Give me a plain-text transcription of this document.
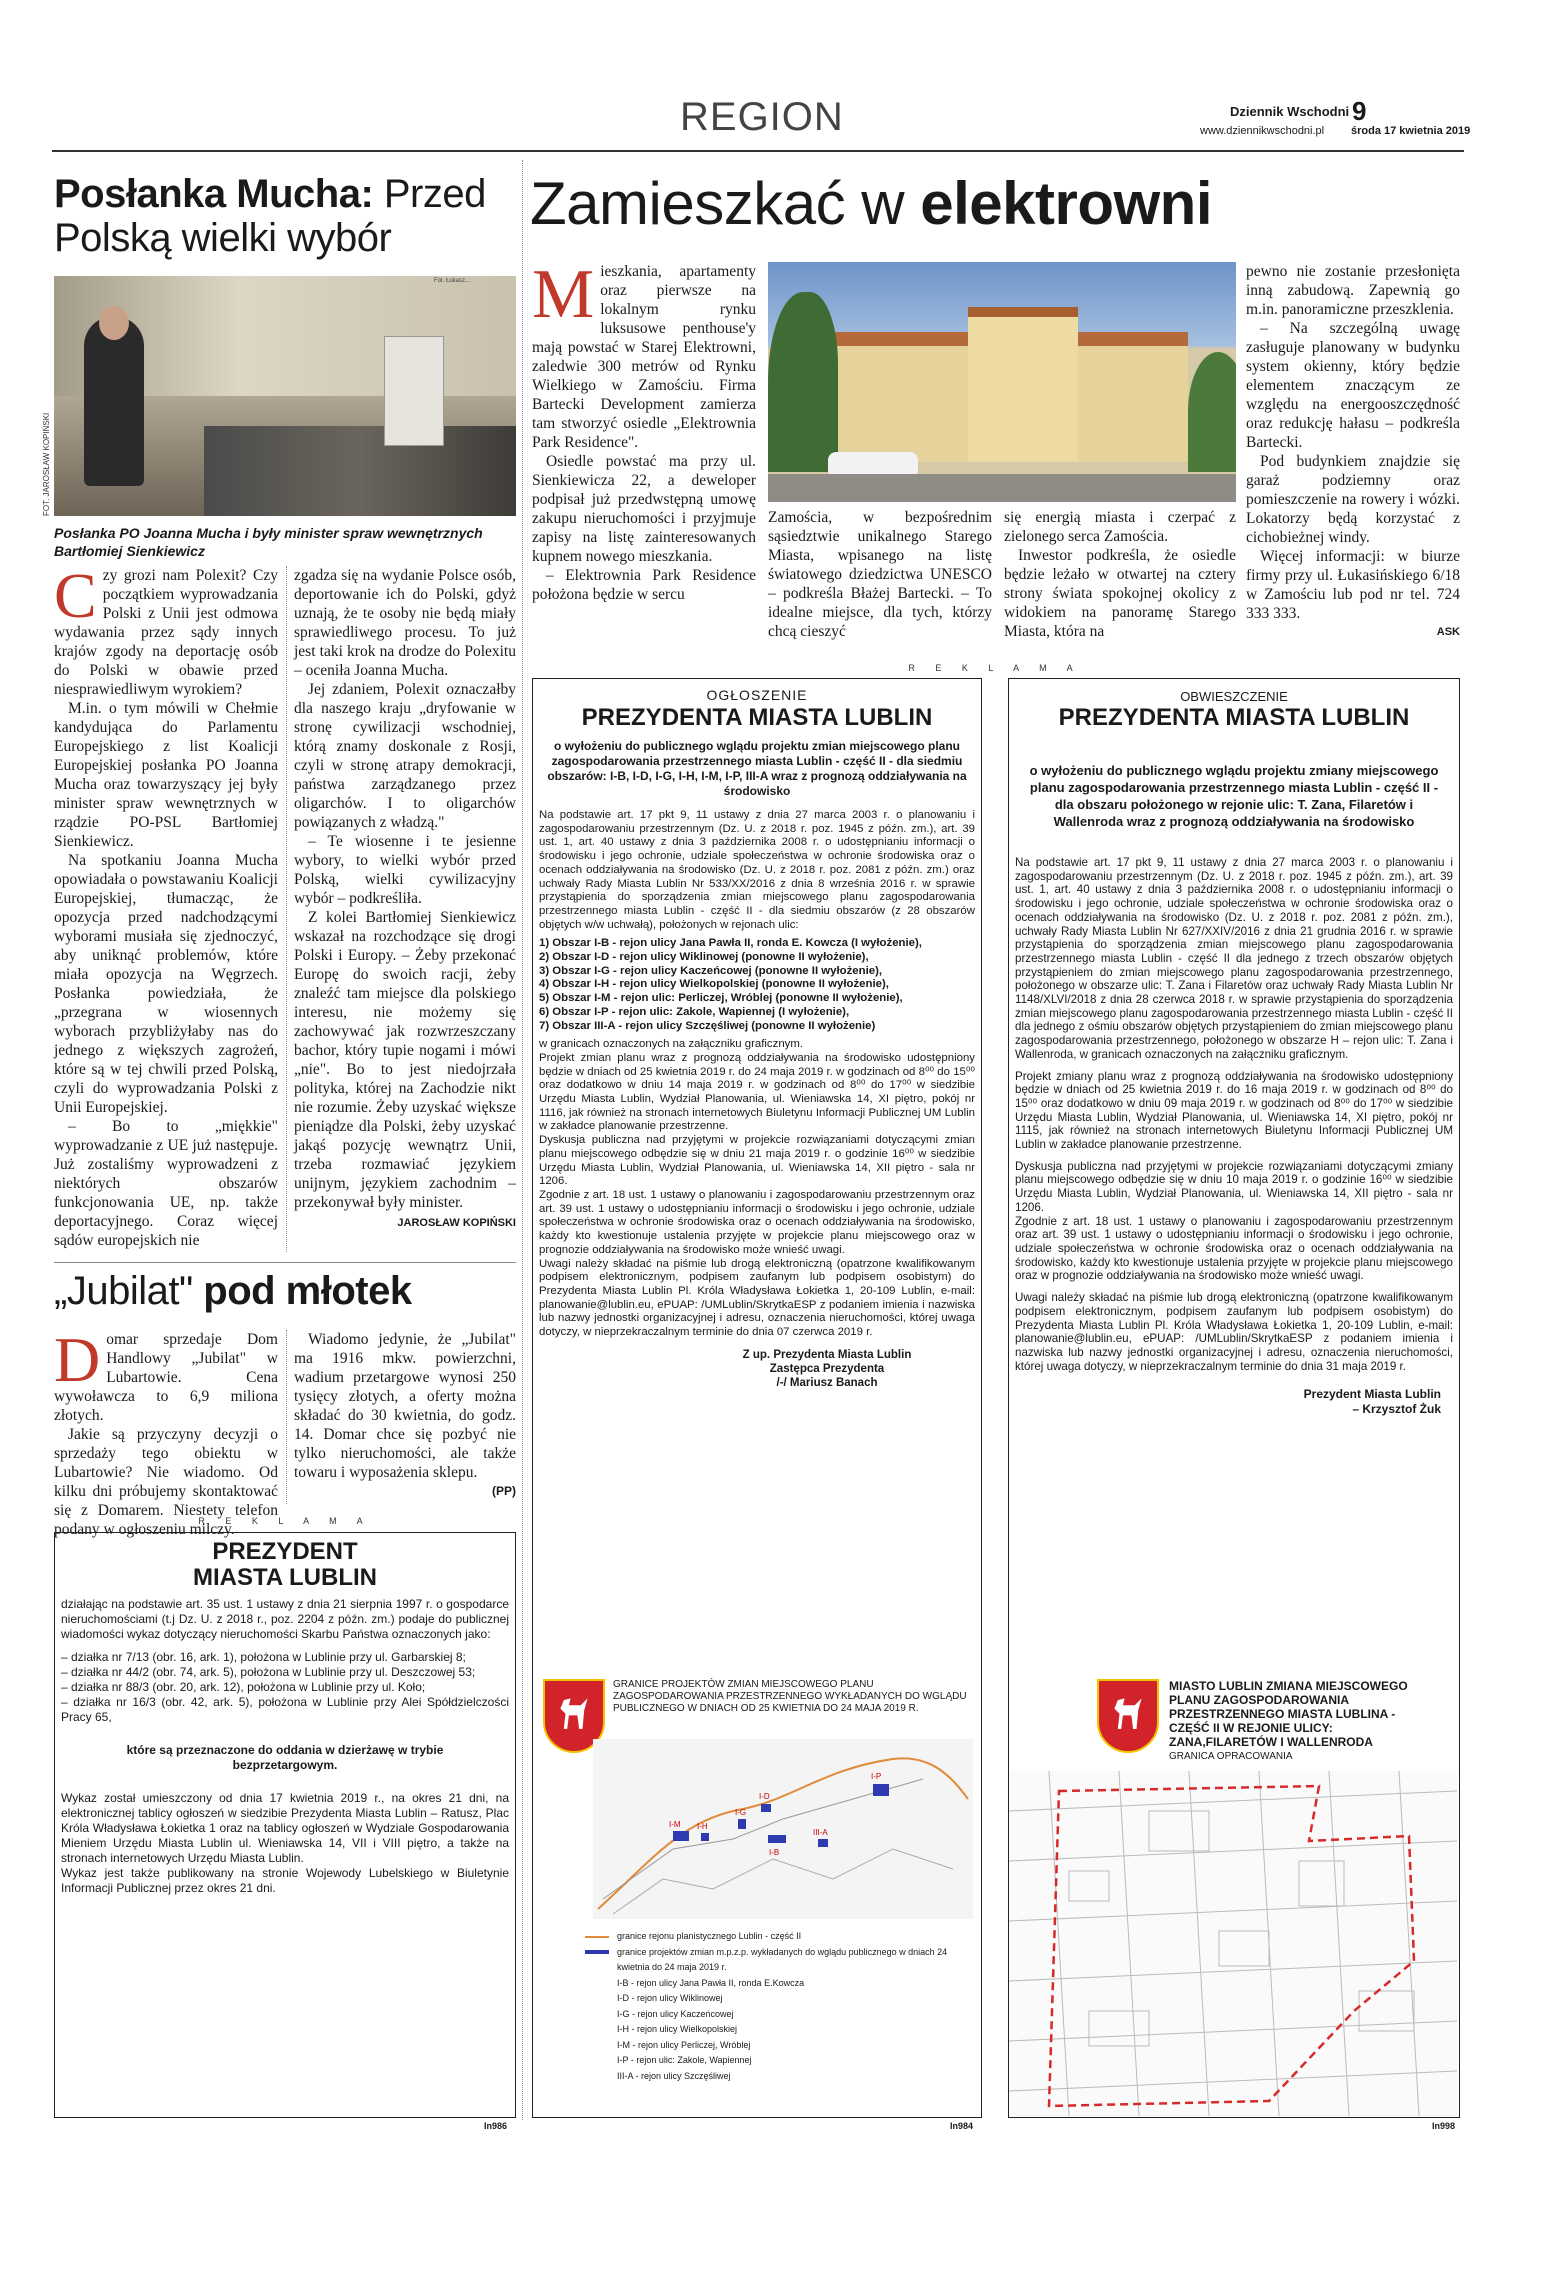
REGION	Dziennik Wschodni 9
www.dziennikwschodni.pl środa 17 kwietnia 2019
Posłanka Mucha: Przed Polską wielki wybór
Fot. Łukasz...
FOT. JAROSŁAW KOPIŃSKI
Posłanka PO Joanna Mucha i były minister spraw wewnętrznych Bartłomiej Sienkiewicz
C zy grozi nam Polexit? Czy początkiem wyprowadzania Polski z Unii jest odmowa wydawania przez sądy innych krajów zgody na deportację osób do Polski w obawie przed niesprawiedliwym wyrokiem?

M.in. o tym mówili w Chełmie kandydująca do Parlamentu Europejskiego z list Koalicji Europejskiej posłanka PO Joanna Mucha oraz towarzyszący jej były minister spraw wewnętrznych w rządzie PO-PSL Bartłomiej Sienkiewicz.

Na spotkaniu Joanna Mucha opowiadała o powstawaniu Koalicji Europejskiej, tłumacząc, że opozycja przed nadchodzącymi wyborami musiała się zjednoczyć, aby uniknąć problemów, które miała opozycja na Węgrzech. Posłanka powiedziała, że „przegrana w wiosennych wyborach przybliżyłaby nas do jednego z większych zagrożeń, które są w tej chwili przed Polską, czyli do wyprowadzania Polski z Unii Europejskiej.

– Bo to „miękkie" wyprowadzanie z UE już następuje. Już zostaliśmy wyprowadzeni z niektórych obszarów funkcjonowania UE, np. także deportacyjnego. Coraz więcej sądów europejskich nie

zgadza się na wydanie Polsce osób, deportowanie ich do Polski, gdyż uznają, że te osoby nie będą miały sprawiedliwego procesu. To już jest taki krok na drodze do Polexitu – oceniła Joanna Mucha.

Jej zdaniem, Polexit oznaczałby dla naszego kraju „dryfowanie w stronę cywilizacji wschodniej, którą znamy doskonale z Rosji, czyli w stronę atrapy demokracji, państwa zarządzanego przez oligarchów. I to oligarchów powiązanych z władzą."

– Te wiosenne i te jesienne wybory, to wielki wybór przed Polską, wielki cywilizacyjny wybór – podkreśliła.

Z kolei Bartłomiej Sienkiewicz wskazał na rozchodzące się drogi Polski i Europy. – Żeby przekonać Europę do swoich racji, żeby znaleźć tam miejsce dla polskiego interesu, nie możemy się zachowywać jak rozwrzeszczany bachor, który tupie nogami i mówi „nie". Bo to jest niedojrzała polityka, której na Zachodzie nikt nie rozumie. Żeby uzyskać większe pieniądze dla Polski, żeby uzyskać jakąś pozycję wewnątrz Unii, trzeba rozmawiać językiem unijnym, językiem zachodnim – przekonywał były minister.

JAROSŁAW KOPIŃSKI

„Jubilat" pod młotek
D omar sprzedaje Dom Handlowy „Jubilat" w Lubartowie. Cena wywoławcza to 6,9 miliona złotych.

Jakie są przyczyny decyzji o sprzedaży tego obiektu w Lubartowie? Nie wiadomo. Od kilku dni próbujemy skontaktować się z Domarem. Niestety telefon podany w ogłoszeniu milczy.

Wiadomo jedynie, że „Jubilat" ma 1916 mkw. powierzchni, wadium przetargowe wynosi 250 tysięcy złotych, a oferty można składać do 30 kwietnia, do godz. 14. Domar chce się pozbyć nie tylko nieruchomości, ale także towaru i wyposażenia sklepu.

(PP)

R E K L A M A
PREZYDENT
MIASTA LUBLIN

działając na podstawie art. 35 ust. 1 ustawy z dnia 21 sierpnia 1997 r. o gospodarce nieruchomościami (t.j Dz. U. z 2018 r., poz. 2204 z późn. zm.) podaje do publicznej wiadomości wykaz dotyczący nieruchomości Skarbu Państwa oznaczonych jako:

– działka nr 7/13 (obr. 16, ark. 1), położona w Lublinie przy ul. Garbarskiej 8;
– działka nr 44/2 (obr. 74, ark. 5), położona w Lublinie przy ul. Deszczowej 53;
– działka nr 88/3 (obr. 20, ark. 12), położona w Lublinie przy ul. Koło;
– działka nr 16/3 (obr. 42, ark. 5), położona w Lublinie przy Alei Spółdzielczości Pracy 65,

które są przeznaczone do oddania w dzierżawę w trybie bezprzetargowym.

Wykaz został umieszczony od dnia 17 kwietnia 2019 r., na okres 21 dni, na elektronicznej tablicy ogłoszeń w siedzibie Prezydenta Miasta Lublin – Ratusz, Plac Króla Władysława Łokietka 1 oraz na tablicy ogłoszeń w Wydziale Gospodarowania Mieniem Urzędu Miasta Lublin ul. Wieniawska 14, VII i VIII piętro, a także na stronach internetowych Urzędu Miasta Lublin.

Wykaz jest także publikowany na stronie Wojewody Lubelskiego w Biuletynie Informacji Publicznej przez okres 21 dni.

In986
Zamieszkać w elektrowni
M ieszkania, apartamenty oraz pierwsze na lokalnym rynku luksusowe penthouse'y mają powstać w Starej Elektrowni, zaledwie 300 metrów od Rynku Wielkiego w Zamościu. Firma Bartecki Development zamierza tam stworzyć osiedle „Elektrownia Park Residence".

Osiedle powstać ma przy ul. Sienkiewicza 22, a deweloper podpisał już przedwstępną umowę zakupu nieruchomości i przyjmuje zapisy na listę zainteresowanych kupnem nowego mieszkania.

– Elektrownia Park Residence położona będzie w sercu

Zamościa, w bezpośrednim sąsiedztwie unikalnego Starego Miasta, wpisanego na listę światowego dziedzictwa UNESCO – podkreśla Błażej Bartecki. – To idealne miejsce, dla tych, którzy chcą cieszyć

się energią miasta i czerpać z zielonego serca Zamościa.

Inwestor podkreśla, że osiedle będzie leżało w otwartej na cztery strony świata spokojnej okolicy z widokiem na panoramę Starego Miasta, która na

pewno nie zostanie przesłonięta inną zabudową. Zapewnią go m.in. panoramiczne przeszklenia.

– Na szczególną uwagę zasługuje planowany w budynku system okienny, który będzie elementem znaczącym ze względu na energooszczędność oraz redukcję hałasu – podkreśla Bartecki.

Pod budynkiem znajdzie się garaż podziemny oraz pomieszczenie na rowery i wózki. Lokatorzy będą korzystać z cichobieżnej windy.

Więcej informacji: w biurze firmy przy ul. Łukasińskiego 6/18 w Zamościu lub pod nr tel. 724 333 333.

ASK

R E K L A M A
OGŁOSZENIE
PREZYDENTA MIASTA LUBLIN
o wyłożeniu do publicznego wglądu projektu zmian miejscowego planu zagospodarowania przestrzennego miasta Lublin - część II - dla siedmiu obszarów: I-B, I-D, I-G, I-H, I-M, I-P, III-A wraz z prognozą oddziaływania na środowisko

Na podstawie art. 17 pkt 9, 11 ustawy z dnia 27 marca 2003 r. o planowaniu i zagospodarowaniu przestrzennym (Dz. U. z 2018 r. poz. 1945 z późn. zm.), art. 39 ust. 1, art. 40 ustawy z dnia 3 października 2008 r. o udostępnianiu informacji o środowisku i jego ochronie, udziale społeczeństwa w ochronie środowiska oraz o ocenach oddziaływania na środowisko (Dz. U. z 2018 r. poz. 2081 z późn. zm.) oraz uchwały Rady Miasta Lublin Nr 533/XX/2016 z dnia 8 września 2016 r. w sprawie przystąpienia do sporządzenia zmian miejscowego planu zagospodarowania przestrzennego miasta Lublin - część II - dla siedmiu obszarów (z 28 obszarów objętych w/w uchwałą), położonych w rejonach ulic:

1) Obszar I-B - rejon ulicy Jana Pawła II, ronda E. Kowcza (I wyłożenie),
2) Obszar I-D - rejon ulicy Wiklinowej (ponowne II wyłożenie),
3) Obszar I-G - rejon ulicy Kaczeńcowej (ponowne II wyłożenie),
4) Obszar I-H - rejon ulicy Wielkopolskiej (ponowne II wyłożenie),
5) Obszar I-M - rejon ulic: Perliczej, Wróblej (ponowne II wyłożenie),
6) Obszar I-P - rejon ulic: Zakole, Wapiennej (I wyłożenie),
7) Obszar III-A - rejon ulicy Szczęśliwej (ponowne II wyłożenie)

w granicach oznaczonych na załączniku graficznym.

Projekt zmian planu wraz z prognozą oddziaływania na środowisko udostępniony będzie w dniach od 25 kwietnia 2019 r. do 24 maja 2019 r. w godzinach od 8⁰⁰ do 15⁰⁰ oraz dodatkowo w dniu 14 maja 2019 r. w godzinach od 8⁰⁰ do 17⁰⁰ w siedzibie Urzędu Miasta Lublin, Wydział Planowania, ul. Wieniawska 14, XI piętro, pokój nr 1116, jak również na stronach internetowych Biuletynu Informacji Publicznej UM Lublin w zakładce planowanie przestrzenne.

Dyskusja publiczna nad przyjętymi w projekcie rozwiązaniami dotyczącymi zmian planu miejscowego odbędzie się w dniu 21 maja 2019 r. o godzinie 16⁰⁰ w siedzibie Urzędu Miasta Lublin, Wydział Planowania, ul. Wieniawska 14, XII piętro - sala nr 1206.

Zgodnie z art. 18 ust. 1 ustawy o planowaniu i zagospodarowaniu przestrzennym oraz art. 39 ust. 1 ustawy o udostępnianiu informacji o środowisku i jego ochronie, udziale społeczeństwa w ochronie środowiska oraz o ocenach oddziaływania na środowisko, każdy kto kwestionuje ustalenia przyjęte w projekcie planu miejscowego oraz w prognozie oddziaływania na środowisko może wnieść uwagi.

Uwagi należy składać na piśmie lub drogą elektroniczną (opatrzone kwalifikowanym podpisem elektronicznym, podpisem zaufanym lub podpisem osobistym) do Prezydenta Miasta Lublin Pl. Króla Władysława Łokietka 1, 20-109 Lublin, e-mail: planowanie@lublin.eu, ePUAP: /UMLublin/SkrytkaESP z podaniem imienia i nazwiska lub nazwy jednostki organizacyjnej i adresu, oznaczenia nieruchomości, której uwaga dotyczy, w nieprzekraczalnym terminie do dnia 07 czerwca 2019 r.

Z up. Prezydenta Miasta Lublin
Zastępca Prezydenta
/-/ Mariusz Banach
GRANICE PROJEKTÓW ZMIAN MIEJSCOWEGO PLANU ZAGOSPODAROWANIA PRZESTRZENNEGO WYKŁADANYCH DO WGLĄDU PUBLICZNEGO W DNIACH OD 25 KWIETNIA DO 24 MAJA 2019 R.
I-M I-H
I-G
I-D
I-B
III-A
I-P
granice rejonu planistycznego Lublin - część II
granice projektów zmian m.p.z.p. wykładanych do wglądu publicznego w dniach 24 kwietnia do 24 maja 2019 r.
I-B - rejon ulicy Jana Pawła II, ronda E.Kowcza
I-D - rejon ulicy Wiklinowej
I-G - rejon ulicy Kaczeńcowej
I-H - rejon ulicy Wielkopolskiej
I-M - rejon ulicy Perliczej, Wróblej
I-P - rejon ulic: Zakole, Wapiennej
III-A - rejon ulicy Szczęśliwej
In984
OBWIESZCZENIE
PREZYDENTA MIASTA LUBLIN
o wyłożeniu do publicznego wglądu projektu zmiany miejscowego planu zagospodarowania przestrzennego miasta Lublin - część II - dla obszaru położonego w rejonie ulic: T. Zana, Filaretów i Wallenroda wraz z prognozą oddziaływania na środowisko

Na podstawie art. 17 pkt 9, 11 ustawy z dnia 27 marca 2003 r. o planowaniu i zagospodarowaniu przestrzennym (Dz. U. z 2018 r. poz. 1945 z późn. zm.), art. 39 ust. 1, art. 40 ustawy z dnia 3 października 2008 r. o udostępnianiu informacji o środowisku i jego ochronie, udziale społeczeństwa w ochronie środowiska oraz o ocenach oddziaływania na środowisko (Dz. U. z 2018 r. poz. 2081 z późn. zm.), uchwały Rady Miasta Lublin Nr 627/XXIV/2016 z dnia 21 grudnia 2016 r. w sprawie przystąpienia do sporządzenia zmian miejscowego planu zagospodarowania przestrzennego miasta Lublin - część II dla jednego z trzech obszarów objętych przystąpieniem do zmian miejscowego planu zagospodarowania przestrzennego, położonego w obszarze ulic: T. Zana i Filaretów oraz uchwały Rady Miasta Lublin Nr 1148/XLVI/2018 z dnia 28 czerwca 2018 r. w sprawie przystąpienia do sporządzenia zmian miejscowego planu zagospodarowania przestrzennego miasta Lublin - część II dla jednego z ośmiu obszarów objętych przystąpieniem do zmian miejscowego planu zagospodarowania przestrzennego, położonego w obszarze H – rejon ulic: T. Zana i Wallenroda, w granicach oznaczonych na załączniku graficznym.

Projekt zmiany planu wraz z prognozą oddziaływania na środowisko udostępniony będzie w dniach od 25 kwietnia 2019 r. do 16 maja 2019 r. w godzinach od 8⁰⁰ do 15⁰⁰ oraz dodatkowo w dniu 09 maja 2019 r. w godzinach od 8⁰⁰ do 17⁰⁰ w siedzibie Urzędu Miasta Lublin, Wydział Planowania, ul. Wieniawska 14, XI piętro, pokój nr 1115, jak również na stronach internetowych Biuletynu Informacji Publicznej UM Lublin w zakładce planowanie przestrzenne.

Dyskusja publiczna nad przyjętymi w projekcie rozwiązaniami dotyczącymi zmiany planu miejscowego odbędzie się w dniu 10 maja 2019 r. o godzinie 16⁰⁰ w siedzibie Urzędu Miasta Lublin, Wydział Planowania, ul. Wieniawska 14, XII piętro - sala nr 1206.

Zgodnie z art. 18 ust. 1 ustawy o planowaniu i zagospodarowaniu przestrzennym oraz art. 39 ust. 1 ustawy o udostępnianiu informacji o środowisku i jego ochronie, udziale społeczeństwa w ochronie środowiska oraz o ocenach oddziaływania na środowisko, każdy kto kwestionuje ustalenia przyjęte w projekcie planu miejscowego oraz w prognozie oddziaływania na środowisko może wnieść uwagi.

Uwagi należy składać na piśmie lub drogą elektroniczną (opatrzone kwalifikowanym podpisem elektronicznym, podpisem zaufanym lub podpisem osobistym) do Prezydenta Miasta Lublin Pl. Króla Władysława Łokietka 1, 20-109 Lublin, e-mail: planowanie@lublin.eu, ePUAP: /UMLublin/SkrytkaESP z podaniem imienia i nazwiska lub nazwy jednostki organizacyjnej i adresu, oznaczenia nieruchomości, której uwaga dotyczy, w nieprzekraczalnym terminie do dnia 31 maja 2019 r.

Prezydent Miasta Lublin
– Krzysztof Żuk
MIASTO LUBLIN ZMIANA MIEJSCOWEGO PLANU ZAGOSPODAROWANIA PRZESTRZENNEGO MIASTA LUBLINA - CZĘŚĆ II W REJONIE ULICY: ZANA,FILARETÓW I WALLENRODA
GRANICA OPRACOWANIA
In998
